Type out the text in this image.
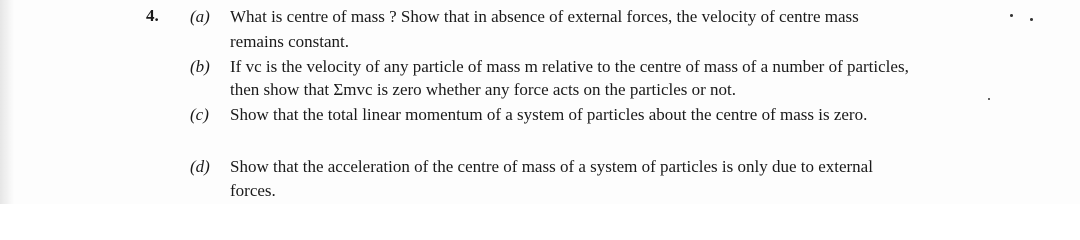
4. (a) What is centre of mass ? Show that in absence of external forces, the velocity of centre mass
remains constant.
(b) If vc is the velocity of any particle of mass m relative to the centre of mass of a number of particles,
then show that Σmvc is zero whether any force acts on the particles or not.
(c) Show that the total linear momentum of a system of particles about the centre of mass is zero.
(d) Show that the acceleration of the centre of mass of a system of particles is only due to external
forces.
